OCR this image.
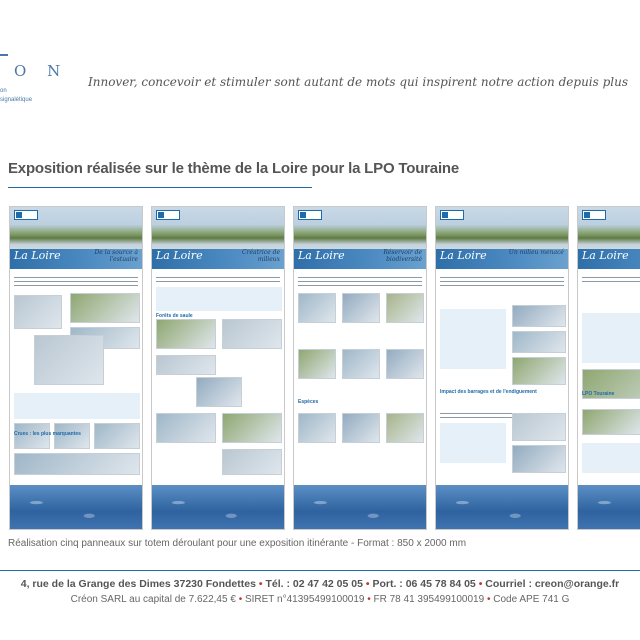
O N
on
signalétique
Innover, concevoir et stimuler sont autant de mots qui inspirent notre action depuis plus
Exposition réalisée sur le thème de la Loire pour la LPO Touraine
La Loire	De la source à l'estuaire
Crues : les plus marquantes
La Loire	Créatrice de milieux
Forêts de saule
La Loire	Réservoir de biodiversité
Espèces
La Loire	Un milieu menacé
Impact des barrages et de l'endiguement
La Loire
LPO Touraine
Réalisation cinq panneaux sur totem déroulant pour une exposition itinérante - Format : 850 x 2000 mm
4, rue de la Grange des Dimes 37230 Fondettes • Tél. : 02 47 42 05 05 • Port. : 06 45 78 84 05 • Courriel : creon@orange.fr
Créon SARL au capital de 7.622,45 € • SIRET n°41395499100019 • FR 78 41 395499100019 • Code APE 741 G
